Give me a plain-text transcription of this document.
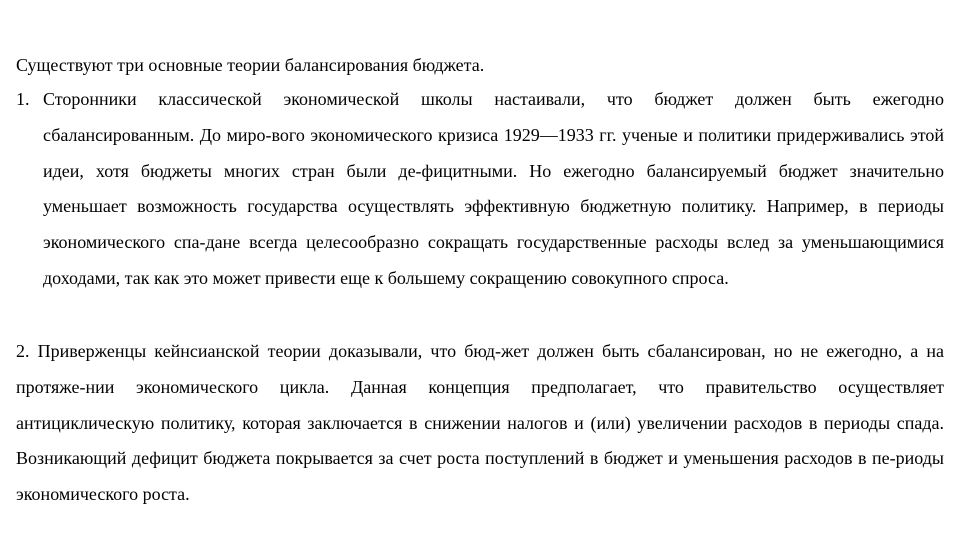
Существуют три основные теории балансирования бюджета.

1. Сторонники классической экономической школы настаивали, что бюджет должен быть ежегодно сбалансированным. До миро-вого экономического кризиса 1929—1933 гг. ученые и политики придерживались этой идеи, хотя бюджеты многих стран были де-фицитными. Но ежегодно балансируемый бюджет значительно уменьшает возможность государства осуществлять эффективную бюджетную политику. Например, в периоды экономического спа-дане всегда целесообразно сокращать государственные расходы вслед за уменьшающимися доходами, так как это может привести еще к большему сокращению совокупного спроса.

2. Приверженцы кейнсианской теории доказывали, что бюд-жет должен быть сбалансирован, но не ежегодно, а на протяже-нии экономического цикла. Данная концепция предполагает, что правительство осуществляет антициклическую политику, которая заключается в снижении налогов и (или) увеличении расходов в периоды спада. Возникающий дефицит бюджета покрывается за счет роста поступлений в бюджет и уменьшения расходов в пе-риоды экономического роста.
